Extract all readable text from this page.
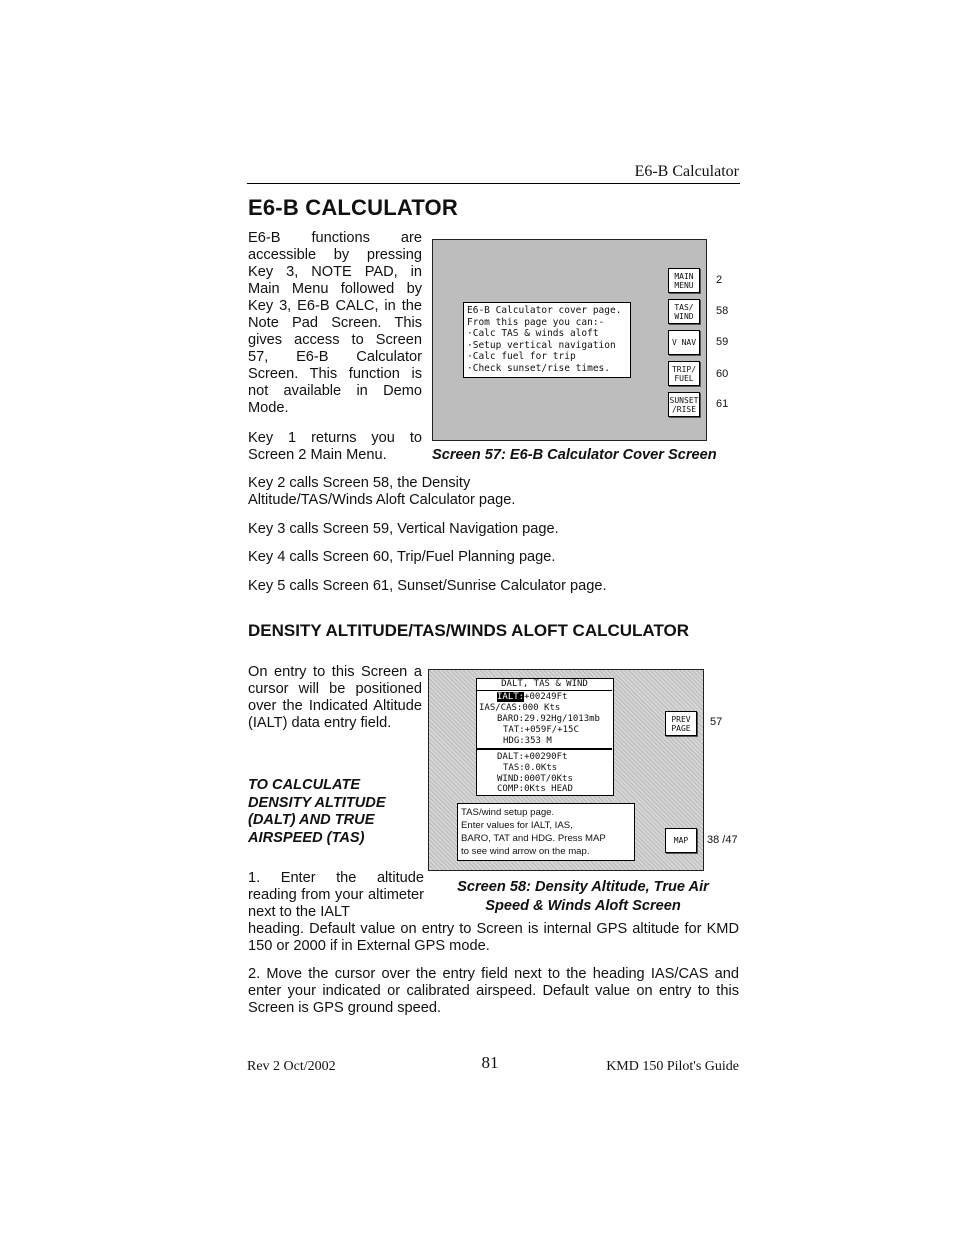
E6-B Calculator
E6-B CALCULATOR

E6-B functions are accessible by pressing Key 3, NOTE PAD, in Main Menu followed by Key 3, E6-B CALC, in the Note Pad Screen. This gives access to Screen 57, E6-B Calculator Screen. This function is not available in Demo Mode.

Key 1 returns you to Screen 2 Main Menu.

Key 2 calls Screen 58, the Density Altitude/TAS/Winds Aloft Calculator page.

Key 3 calls Screen 59, Vertical Navigation page.

Key 4 calls Screen 60, Trip/Fuel Planning page.

Key 5 calls Screen 61, Sunset/Sunrise Calculator page.

E6-B Calculator cover page.
From this page you can:-
·Calc TAS & winds aloft
·Setup vertical navigation
·Calc fuel for trip
·Check sunset/rise times.
MAIN MENU	2
TAS/ WIND	58
V NAV	59
TRIP/ FUEL	60
SUNSET /RISE	61
Screen 57: E6-B Calculator Cover Screen
DENSITY ALTITUDE/TAS/WINDS ALOFT CALCULATOR

On entry to this Screen a cursor will be positioned over the Indicated Altitude (IALT) data entry field.

TO CALCULATE DENSITY ALTITUDE (DALT) AND TRUE AIRSPEED (TAS)

1. Enter the altitude reading from your altimeter next to the IALT

heading. Default value on entry to Screen is internal GPS altitude for KMD 150 or 2000 if in External GPS mode.

2. Move the cursor over the entry field next to the heading IAS/CAS and enter your indicated or calibrated airspeed. Default value on entry to this Screen is GPS ground speed.

DALT, TAS & WIND
IALT:+00249Ft
IAS/CAS:000 Kts
BARO:29.92Hg/1013mb
TAT:+059F/+15C
HDG:353 M
DALT:+00290Ft
TAS:0.0Kts
WIND:000T/0Kts
COMP:0Kts HEAD
TAS/wind setup page.
Enter values for IALT, IAS,
BARO, TAT and HDG. Press MAP
to see wind arrow on the map.
PREV PAGE	57
MAP	38 /47
Screen 58: Density Altitude, True Air
Speed & Winds Aloft Screen
Rev 2 Oct/2002	81	KMD 150 Pilot's Guide
